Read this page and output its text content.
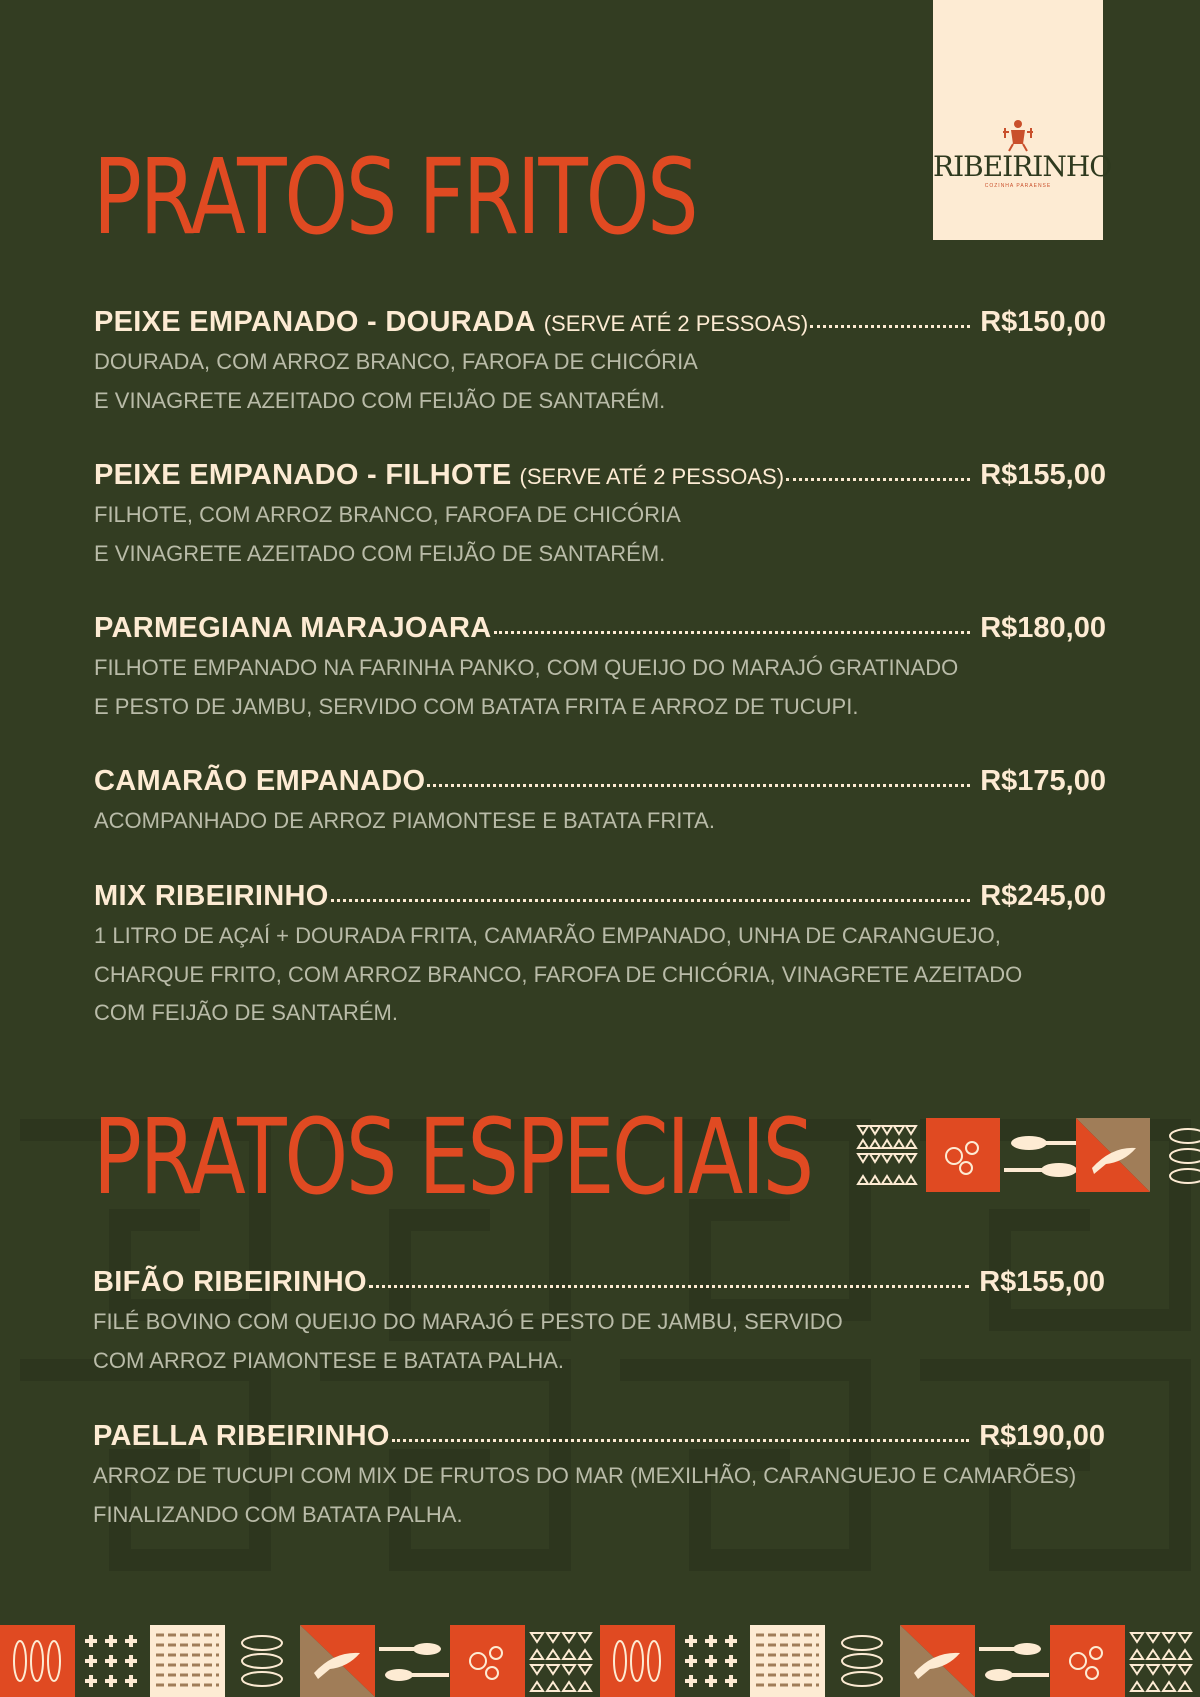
RIBEIRINHO
COZINHA PARAENSE
PRATOS FRITOS
PEIXE EMPANADO - DOURADA (SERVE ATÉ 2 PESSOAS)	R$150,00
DOURADA, COM ARROZ BRANCO, FAROFA DE CHICÓRIA
E VINAGRETE AZEITADO COM FEIJÃO DE SANTARÉM.
PEIXE EMPANADO - FILHOTE (SERVE ATÉ 2 PESSOAS)	R$155,00
FILHOTE, COM ARROZ BRANCO, FAROFA DE CHICÓRIA
E VINAGRETE AZEITADO COM FEIJÃO DE SANTARÉM.
PARMEGIANA MARAJOARA	R$180,00
FILHOTE EMPANADO NA FARINHA PANKO, COM QUEIJO DO MARAJÓ GRATINADO
E PESTO DE JAMBU, SERVIDO COM BATATA FRITA E ARROZ DE TUCUPI.
CAMARÃO EMPANADO	R$175,00
ACOMPANHADO DE ARROZ PIAMONTESE E BATATA FRITA.
MIX RIBEIRINHO	R$245,00
1 LITRO DE AÇAÍ + DOURADA FRITA, CAMARÃO EMPANADO, UNHA DE CARANGUEJO,
CHARQUE FRITO, COM ARROZ BRANCO, FAROFA DE CHICÓRIA, VINAGRETE AZEITADO
COM FEIJÃO DE SANTARÉM.
PRATOS ESPECIAIS
BIFÃO RIBEIRINHO	R$155,00
FILÉ BOVINO COM QUEIJO DO MARAJÓ E PESTO DE JAMBU, SERVIDO
COM ARROZ PIAMONTESE E BATATA PALHA.
PAELLA RIBEIRINHO	R$190,00
ARROZ DE TUCUPI COM MIX DE FRUTOS DO MAR (MEXILHÃO, CARANGUEJO E CAMARÕES)
FINALIZANDO COM BATATA PALHA.
